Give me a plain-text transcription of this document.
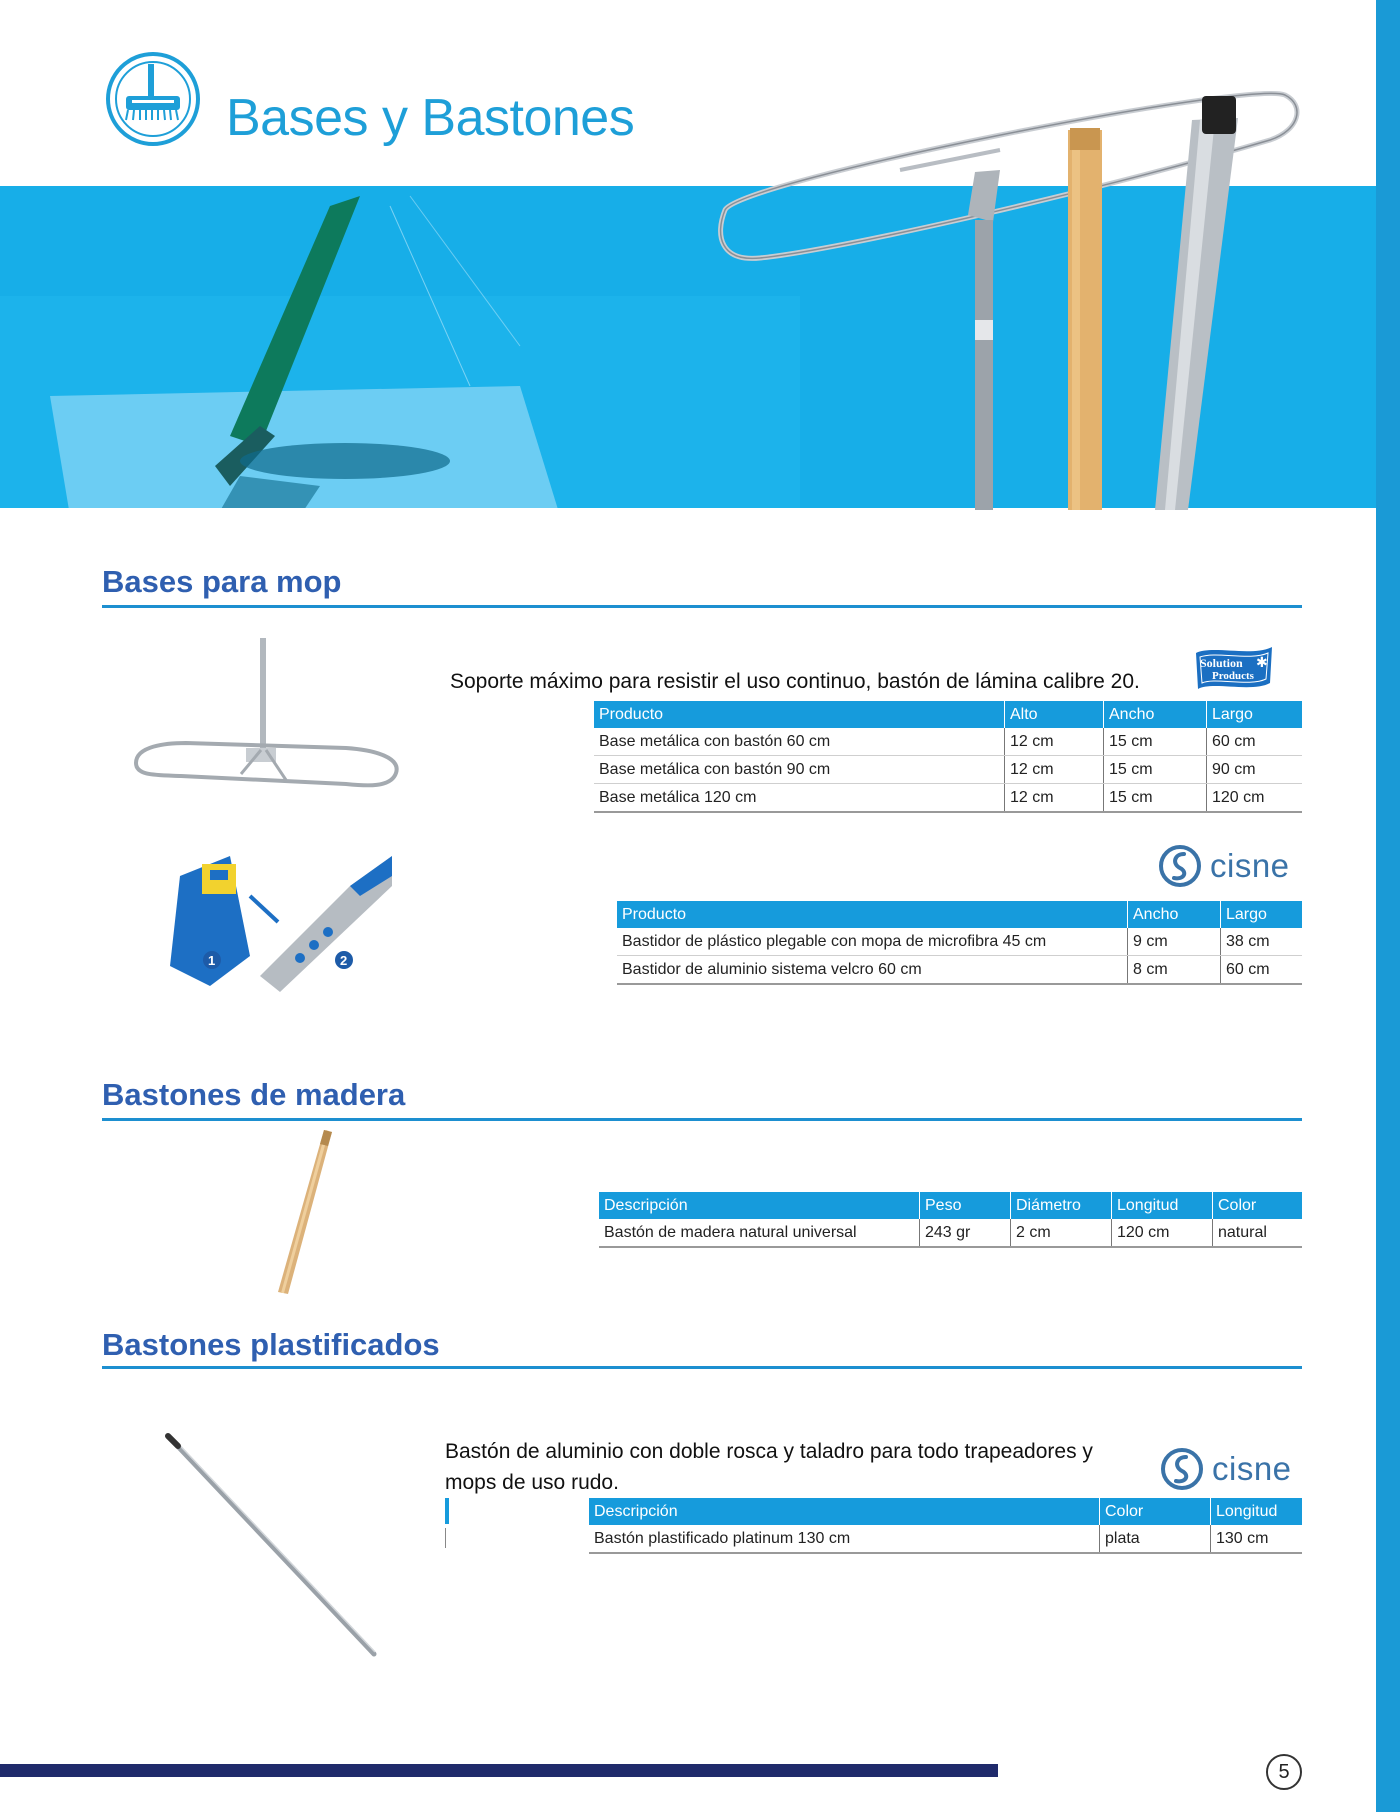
Bases y Bastones
Bases para mop
Soporte máximo para resistir el uso continuo, bastón de lámina calibre 20.
Solution
Products
✱
Producto	Alto	Ancho	Largo
Base metálica con bastón 60 cm	12 cm	15 cm	60 cm
Base metálica con bastón 90 cm	12 cm	15 cm	90 cm
Base metálica 120 cm	12 cm	15 cm	120 cm
cisne
1	2
Producto	Ancho	Largo
Bastidor de plástico plegable con mopa de microfibra 45 cm	9 cm	38 cm
Bastidor de aluminio sistema velcro 60 cm	8 cm	60 cm
Bastones de madera
Descripción	Peso	Diámetro	Longitud	Color
Bastón de madera natural universal	243 gr	2 cm	120 cm	natural
Bastones plastificados
Bastón de aluminio con doble rosca y taladro para todo trapeadores y mops de uso rudo.	cisne
Descripción	Color	Longitud
Bastón plastificado platinum 130 cm	plata	130 cm
5
